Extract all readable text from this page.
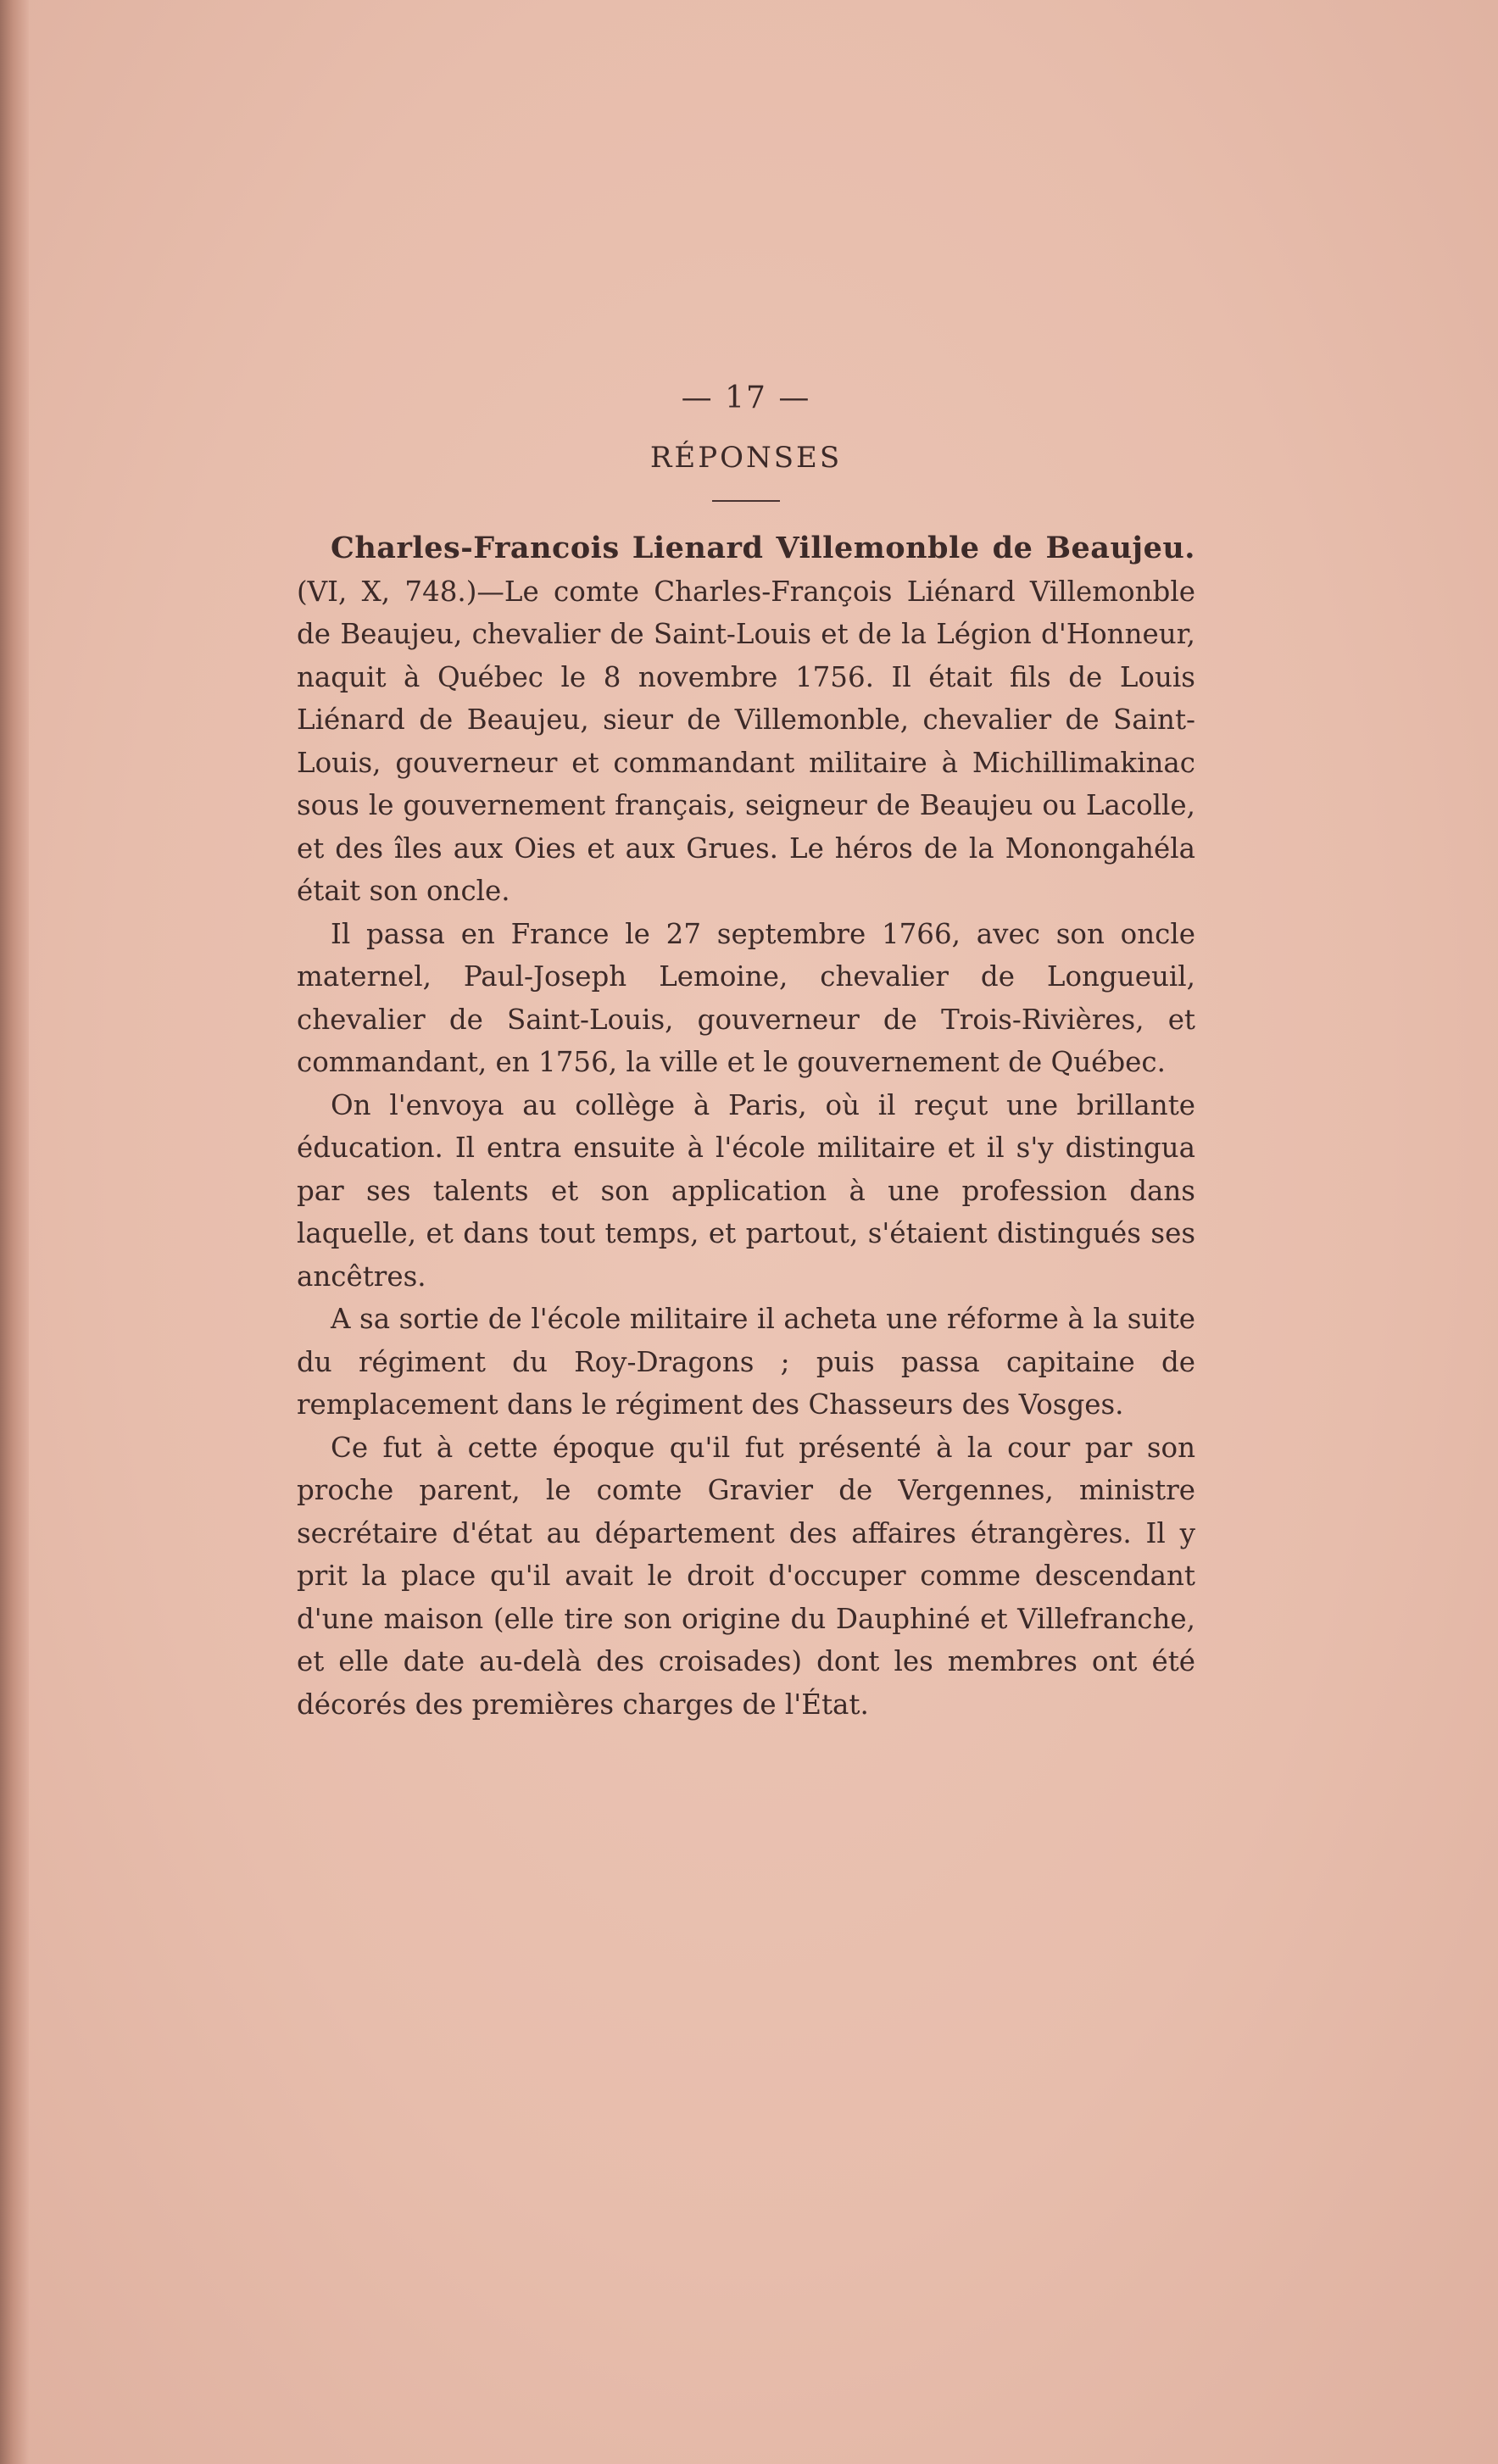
— 17 —
RÉPONSES

Charles-Francois Lienard Villemonble de Beaujeu. (VI, X, 748.)—Le comte Charles-François Liénard Villemonble de Beaujeu, chevalier de Saint-Louis et de la Légion d'Honneur, naquit à Québec le 8 novembre 1756. Il était fils de Louis Liénard de Beaujeu, sieur de Villemonble, chevalier de Saint-Louis, gouverneur et commandant militaire à Michillimakinac sous le gouvernement français, seigneur de Beaujeu ou Lacolle, et des îles aux Oies et aux Grues. Le héros de la Monongahéla était son oncle.

Il passa en France le 27 septembre 1766, avec son oncle maternel, Paul-Joseph Lemoine, chevalier de Longueuil, chevalier de Saint-Louis, gouverneur de Trois-Rivières, et commandant, en 1756, la ville et le gouvernement de Québec.

On l'envoya au collège à Paris, où il reçut une brillante éducation. Il entra ensuite à l'école militaire et il s'y distingua par ses talents et son application à une profession dans laquelle, et dans tout temps, et partout, s'étaient distingués ses ancêtres.

A sa sortie de l'école militaire il acheta une réforme à la suite du régiment du Roy-Dragons ; puis passa capitaine de remplacement dans le régiment des Chasseurs des Vosges.

Ce fut à cette époque qu'il fut présenté à la cour par son proche parent, le comte Gravier de Vergennes, ministre secrétaire d'état au département des affaires étrangères. Il y prit la place qu'il avait le droit d'occuper comme descendant d'une maison (elle tire son origine du Dauphiné et Villefranche, et elle date au-delà des croisades) dont les membres ont été décorés des premières charges de l'État.
